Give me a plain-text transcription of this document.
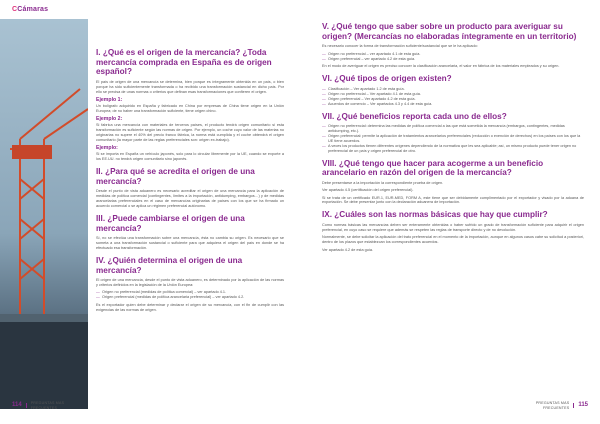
CCámaras
I. ¿Qué es el origen de la mercancía? ¿Toda mercancía comprada en España es de origen español?

El país de origen de una mercancía se determina, bien porque es íntegramente obtenida en un país, o bien porque ha sido suficientemente transformada o ha recibido una transformación sustancial en dicho país. Por ello se precisa de unas normas o criterios que definan esas transformaciones que confieren el origen.

Ejemplo 1:

Un bolígrafo adquirido en España y fabricado en China por empresas de China tiene origen en la Unión Europea; de no haber una transformación suficiente, tiene origen chino.

Ejemplo 2:

Si fabrica una mercancía con materiales de terceros países, el producto tendrá origen comunitario si esta transformación es suficiente según las normas de origen. Por ejemplo, un coche cuyo valor de las materias no originarias no supere el 40% del precio franco fábrica, la norma está cumplida y el coche obtendrá el origen comunitario (la mayor parte de las reglas preferenciales son: origen ex-trabajo).

Ejemplo:

Si se importa en España un vehículo japonés, solo para lo circular libremente por la UE, cuando se exporte a los EE.UU. no tendrá origen comunitario sino japonés.

II. ¿Para qué se acredita el origen de una mercancía?

Desde el punto de vista aduanero es necesario acreditar el origen de una mercancía para la aplicación de medidas de política comercial (contingentes, límites a la importación, antidumping, embargos…) y de medidas arancelarias preferenciales en el caso de mercancías originarias de países con los que se ha firmado un acuerdo comercial o se aplica un régimen preferencial autónomo.

III. ¿Puede cambiarse el origen de una mercancía?

Sí, no se efectúa una transformación sobre una mercancía, ésta no cambia su origen. Es necesario que se someta a una transformación sustancial o suficiente para que adquiera el origen del país en donde se ha efectuado esa transformación.

IV. ¿Quién determina el origen de una mercancía?

El origen de una mercancía, desde el punto de vista aduanero, es determinado por la aplicación de las normas y criterios definidos en la legislación de la Unión Europea:

— Origen no preferencial (medidas de política comercial) – ver apartado 4.1.
— Origen preferencial (medidas de política arancelaria preferencial) – ver apartado 4.2.

Es el exportador quien debe determinar y declarar el origen de su mercancía, con el fin de cumplir con las exigencias de las normas de origen.

114	PREGUNTAS MAS
FRECUENTES
V. ¿Qué tengo que saber sobre un producto para averiguar su origen? (Mercancías no elaboradas íntegramente en un territorio)

Es necesario conocer la forma de transformación suficiente/sustancial que se le ha aplicado:

— Origen no preferencial – ver apartado 4.1 de esta guía.
— Origen preferencial – ver apartado 4.2 de esta guía.

En el modo de averiguar el origen es preciso conocer la clasificación arancelaria, el valor en fábrica de los materiales empleados y su origen.

VI. ¿Qué tipos de origen existen?
— Clasificación – Ver apartado 1.2 de esta guía.
— Origen no preferencial – Ver apartado 4.1 de esta guía.
— Origen preferencial – Ver apartado 4.2 de esta guía.
— Acuerdos de comercio – Ver apartados 4.3 y 4.4 de esta guía.
VII. ¿Qué beneficios reporta cada uno de ellos?
— Origen no preferencial: determina las medidas de política comercial a las que está sometida la mercancía (embargos, contingentes, medidas antidumping, etc.).
— Origen preferencial: permite la aplicación de tratamientos arancelarios preferenciales (reducción o exención de derechos) en los países con los que la UE tiene acuerdos.
— A veces los productos tienen diferentes orígenes dependiendo de la normativa que les sea aplicable; así, un mismo producto puede tener origen no preferencial de un país y origen preferencial de otro.
VIII. ¿Qué tengo que hacer para acogerme a un beneficio arancelario en razón del origen de la mercancía?

Debe presentarse a la importación la correspondiente prueba de origen.

Ver apartado 4.5 (certificación del origen preferencial).

Si se trata de un certificado EUR.1, EUR-MED, FORM A, este tiene que ser debidamente cumplimentado por el exportador y visado por la aduana de exportación. Se debe presentar junto con la declaración aduanera de importación.

IX. ¿Cuáles son las normas básicas que hay que cumplir?

Como normas básicas las mercancías deben ser enteramente obtenidas o haber sufrido un grado de transformación suficiente para adquirir el origen preferencial, en cuyo caso se requiere que además se respeten las reglas de transporte directo y de no devolución.

Normalmente, se debe solicitar la aplicación del trato preferencial en el momento de la importación, aunque en algunos casos cabe su solicitud a posteriori, dentro de los plazos que establezcan los correspondientes acuerdos.

Ver apartado 4.2 de esta guía.

PREGUNTAS MAS
FRECUENTES	115
